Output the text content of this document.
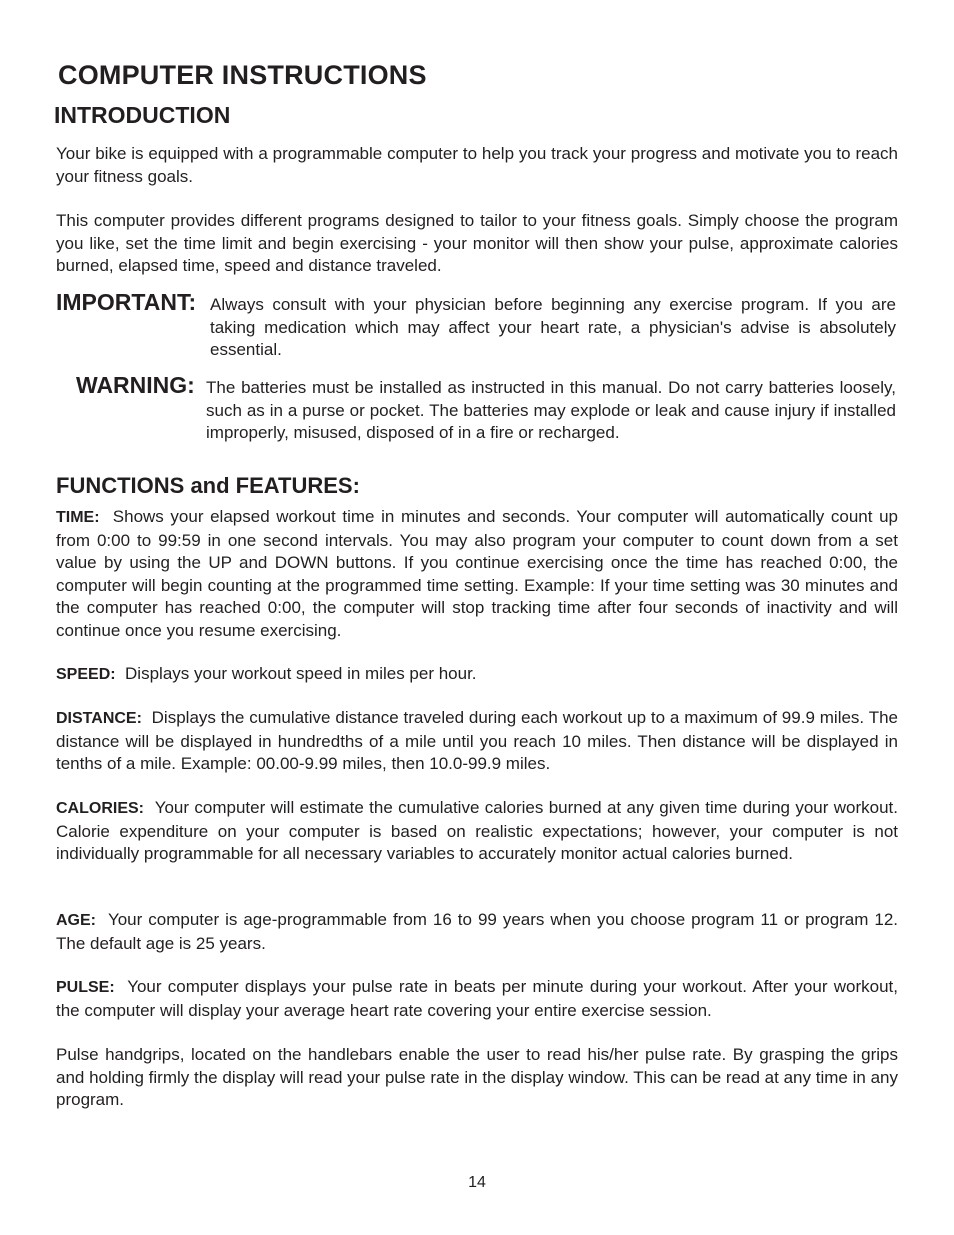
COMPUTER INSTRUCTIONS
INTRODUCTION

Your bike is equipped with a programmable computer to help you track your progress and motivate you to reach your fitness goals.

This computer provides different programs designed to tailor to your fitness goals. Simply choose the program you like, set the time limit and begin exercising - your monitor will then show your pulse, approximate calories burned, elapsed time, speed and distance traveled.

IMPORTANT: Always consult with your physician before beginning any exercise program. If you are taking medication which may affect your heart rate, a physician's advise is absolutely essential.

WARNING: The batteries must be installed as instructed in this manual. Do not carry batteries loosely, such as in a purse or pocket. The batteries may explode or leak and cause injury if installed improperly, misused, disposed of in a fire or recharged.

FUNCTIONS and FEATURES:

TIME: Shows your elapsed workout time in minutes and seconds. Your computer will automatically count up from 0:00 to 99:59 in one second intervals. You may also program your computer to count down from a set value by using the UP and DOWN buttons. If you continue exercising once the time has reached 0:00, the computer will begin counting at the programmed time setting. Example: If your time setting was 30 minutes and the computer has reached 0:00, the computer will stop tracking time after four seconds of inactivity and will continue once you resume exercising.

SPEED: Displays your workout speed in miles per hour.

DISTANCE: Displays the cumulative distance traveled during each workout up to a maximum of 99.9 miles. The distance will be displayed in hundredths of a mile until you reach 10 miles. Then distance will be displayed in tenths of a mile. Example: 00.00-9.99 miles, then 10.0-99.9 miles.

CALORIES: Your computer will estimate the cumulative calories burned at any given time during your workout. Calorie expenditure on your computer is based on realistic expectations; however, your computer is not individually programmable for all necessary variables to accurately monitor actual calories burned.

AGE: Your computer is age-programmable from 16 to 99 years when you choose program 11 or program 12. The default age is 25 years.

PULSE: Your computer displays your pulse rate in beats per minute during your workout. After your workout, the computer will display your average heart rate covering your entire exercise session.

Pulse handgrips, located on the handlebars enable the user to read his/her pulse rate. By grasping the grips and holding firmly the display will read your pulse rate in the display window. This can be read at any time in any program.

14
